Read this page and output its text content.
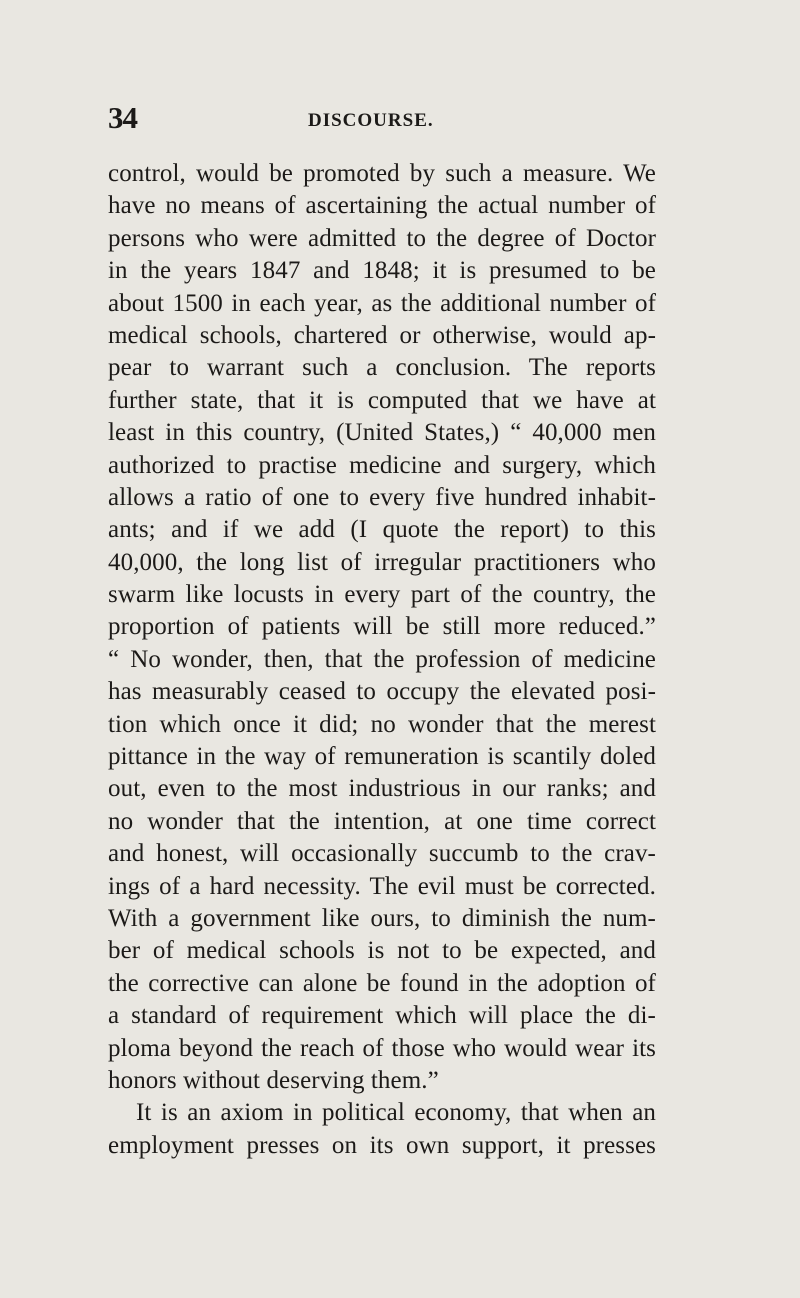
34	DISCOURSE.
control, would be promoted by such a measure. We
have no means of ascertaining the actual number of
persons who were admitted to the degree of Doctor
in the years 1847 and 1848; it is presumed to be
about 1500 in each year, as the additional number of
medical schools, chartered or otherwise, would ap-
pear to warrant such a conclusion. The reports
further state, that it is computed that we have at
least in this country, (United States,) “ 40,000 men
authorized to practise medicine and surgery, which
allows a ratio of one to every five hundred inhabit-
ants; and if we add (I quote the report) to this
40,000, the long list of irregular practitioners who
swarm like locusts in every part of the country, the
proportion of patients will be still more reduced.”
“ No wonder, then, that the profession of medicine
has measurably ceased to occupy the elevated posi-
tion which once it did; no wonder that the merest
pittance in the way of remuneration is scantily doled
out, even to the most industrious in our ranks; and
no wonder that the intention, at one time correct
and honest, will occasionally succumb to the crav-
ings of a hard necessity. The evil must be corrected.
With a government like ours, to diminish the num-
ber of medical schools is not to be expected, and
the corrective can alone be found in the adoption of
a standard of requirement which will place the di-
ploma beyond the reach of those who would wear its
honors without deserving them.”
It is an axiom in political economy, that when an
employment presses on its own support, it presses
